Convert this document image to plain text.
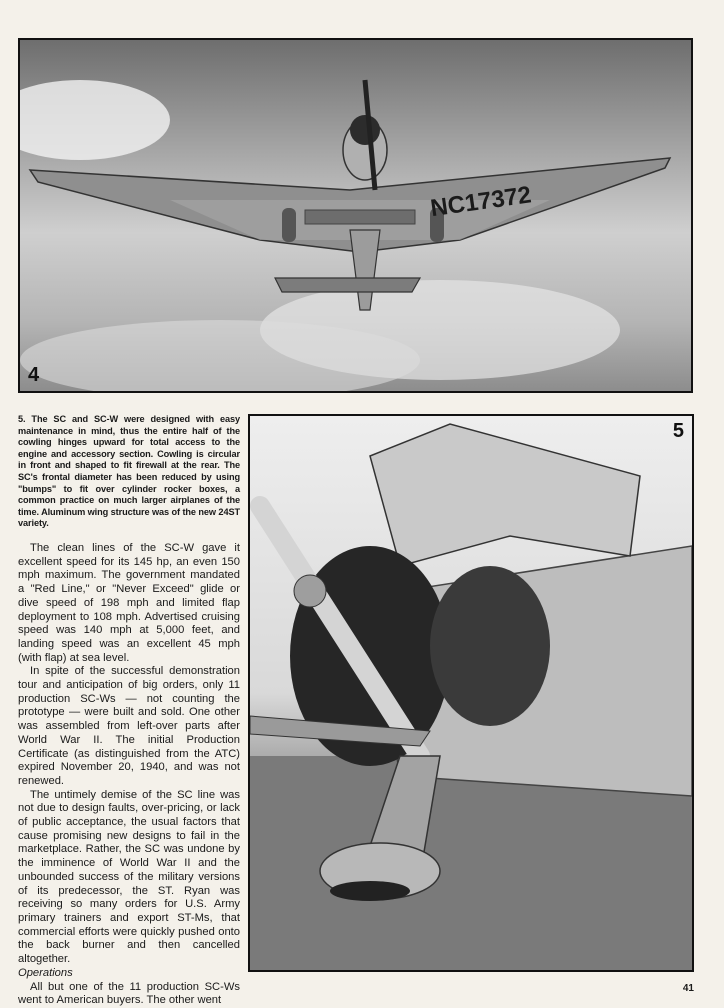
NC17372
4
5. The SC and SC-W were designed with easy maintenance in mind, thus the entire half of the cowling hinges upward for total access to the engine and accessory section. Cowling is circular in front and shaped to fit firewall at the rear. The SC's frontal diameter has been reduced by using "bumps" to fit over cylinder rocker boxes, a common practice on much larger airplanes of the time. Aluminum wing structure was of the new 24ST variety.

The clean lines of the SC-W gave it excellent speed for its 145 hp, an even 150 mph maximum. The government mandated a "Red Line," or "Never Exceed" glide or dive speed of 198 mph and limited flap deployment to 108 mph. Advertised cruising speed was 140 mph at 5,000 feet, and landing speed was an excellent 45 mph (with flap) at sea level.

In spite of the successful demonstration tour and anticipation of big orders, only 11 production SC-Ws — not counting the prototype — were built and sold. One other was assembled from left-over parts after World War II. The initial Production Certificate (as distinguished from the ATC) expired November 20, 1940, and was not renewed.

The untimely demise of the SC line was not due to design faults, over-pricing, or lack of public acceptance, the usual factors that cause promising new designs to fail in the marketplace. Rather, the SC was undone by the imminence of World War II and the unbounded success of the military versions of its predecessor, the ST. Ryan was receiving so many orders for U.S. Army primary trainers and export ST-Ms, that commercial efforts were quickly pushed onto the back burner and then cancelled altogether.

Operations

All but one of the 11 production SC-Ws went to American buyers. The other went

5
41
